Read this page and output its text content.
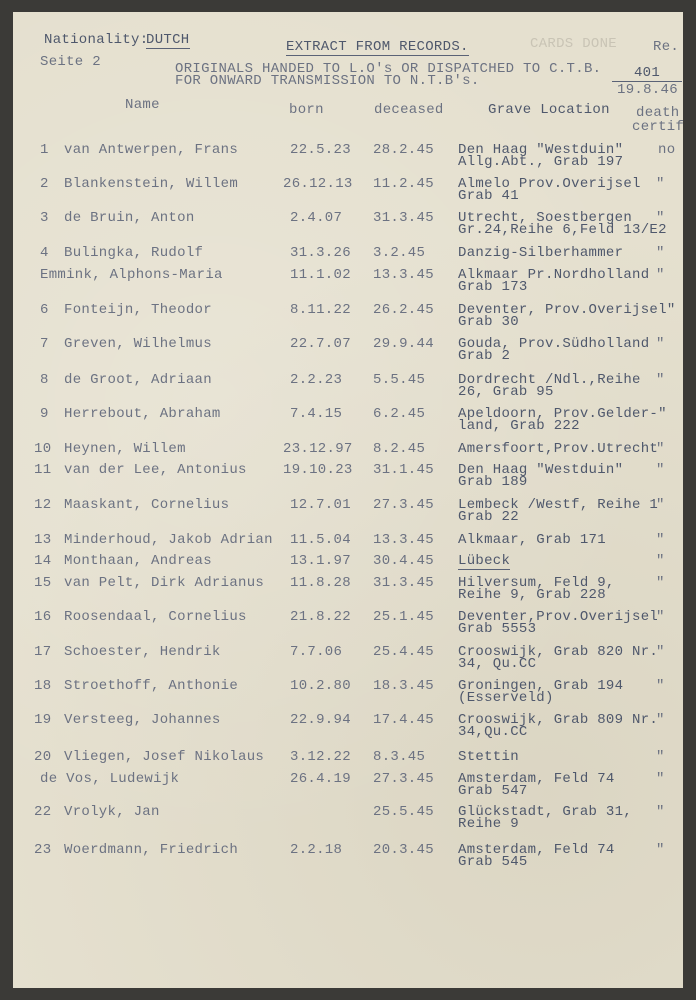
Nationality:
DUTCH	EXTRACT FROM RECORDS.	CARDS DONE	Re.
Seite 2	ORIGINALS HANDED TO L.O's OR DISPATCHED TO C.T.B.
FOR ONWARD TRANSMISSION TO N.T.B's.	401
19.8.46
Name	born	deceased	Grave Location death
certif
1 van Antwerpen, Frans	22.5.23 28.2.45 Den Haag "Westduin"
Allg.Abt., Grab 197
no
2 Blankenstein, Willem	26.12.13 11.2.45 Almelo Prov.Overijsel
Grab 41
"
3 de Bruin, Anton	2.4.07 31.3.45 Utrecht, Soestbergen
Gr.24,Reihe 6,Feld 13/E2
"
4 Bulingka, Rudolf	31.3.26 3.2.45 Danzig-Silberhammer "
Emmink, Alphons-Maria	11.1.02 13.3.45 Alkmaar Pr.Nordholland
Grab 173
"
6 Fonteijn, Theodor	8.11.22 26.2.45 Deventer, Prov.Overijsel"
Grab 30
7 Greven, Wilhelmus	22.7.07 29.9.44 Gouda, Prov.Südholland
Grab 2
"
8 de Groot, Adriaan	2.2.23 5.5.45 Dordrecht /Ndl.,Reihe
26, Grab 95
"
9 Herrebout, Abraham	7.4.15 6.2.45 Apeldoorn, Prov.Gelder-"
land, Grab 222
10 Heynen, Willem	23.12.97 8.2.45 Amersfoort,Prov.Utrecht
"
11 van der Lee, Antonius	19.10.23 31.1.45 Den Haag "Westduin"
Grab 189
"
12 Maaskant, Cornelius	12.7.01 27.3.45 Lembeck /Westf, Reihe 1
Grab 22
"
13 Minderhoud, Jakob Adrian 11.5.04 13.3.45 Alkmaar, Grab 171	"
14 Monthaan, Andreas	13.1.97 30.4.45 Lübeck	"
15 van Pelt, Dirk Adrianus 11.8.28 31.3.45 Hilversum, Feld 9,
Reihe 9, Grab 228
"
16 Roosendaal, Cornelius	21.8.22 25.1.45 Deventer,Prov.Overijsel
Grab 5553
"
17 Schoester, Hendrik	7.7.06 25.4.45 Crooswijk, Grab 820 Nr.
34, Qu.CC
"
18 Stroethoff, Anthonie	10.2.80 18.3.45 Groningen, Grab 194
(Esserveld)
"
19 Versteeg, Johannes	22.9.94 17.4.45 Crooswijk, Grab 809 Nr.
34,Qu.CC
"
20 Vliegen, Josef Nikolaus 3.12.22 8.3.45 Stettin	"
de Vos, Ludewijk	26.4.19 27.3.45 Amsterdam, Feld 74
Grab 547
"
22 Vrolyk, Jan	25.5.45 Glückstadt, Grab 31,
Reihe 9
"
23 Woerdmann, Friedrich	2.2.18 20.3.45 Amsterdam, Feld 74
Grab 545
"
